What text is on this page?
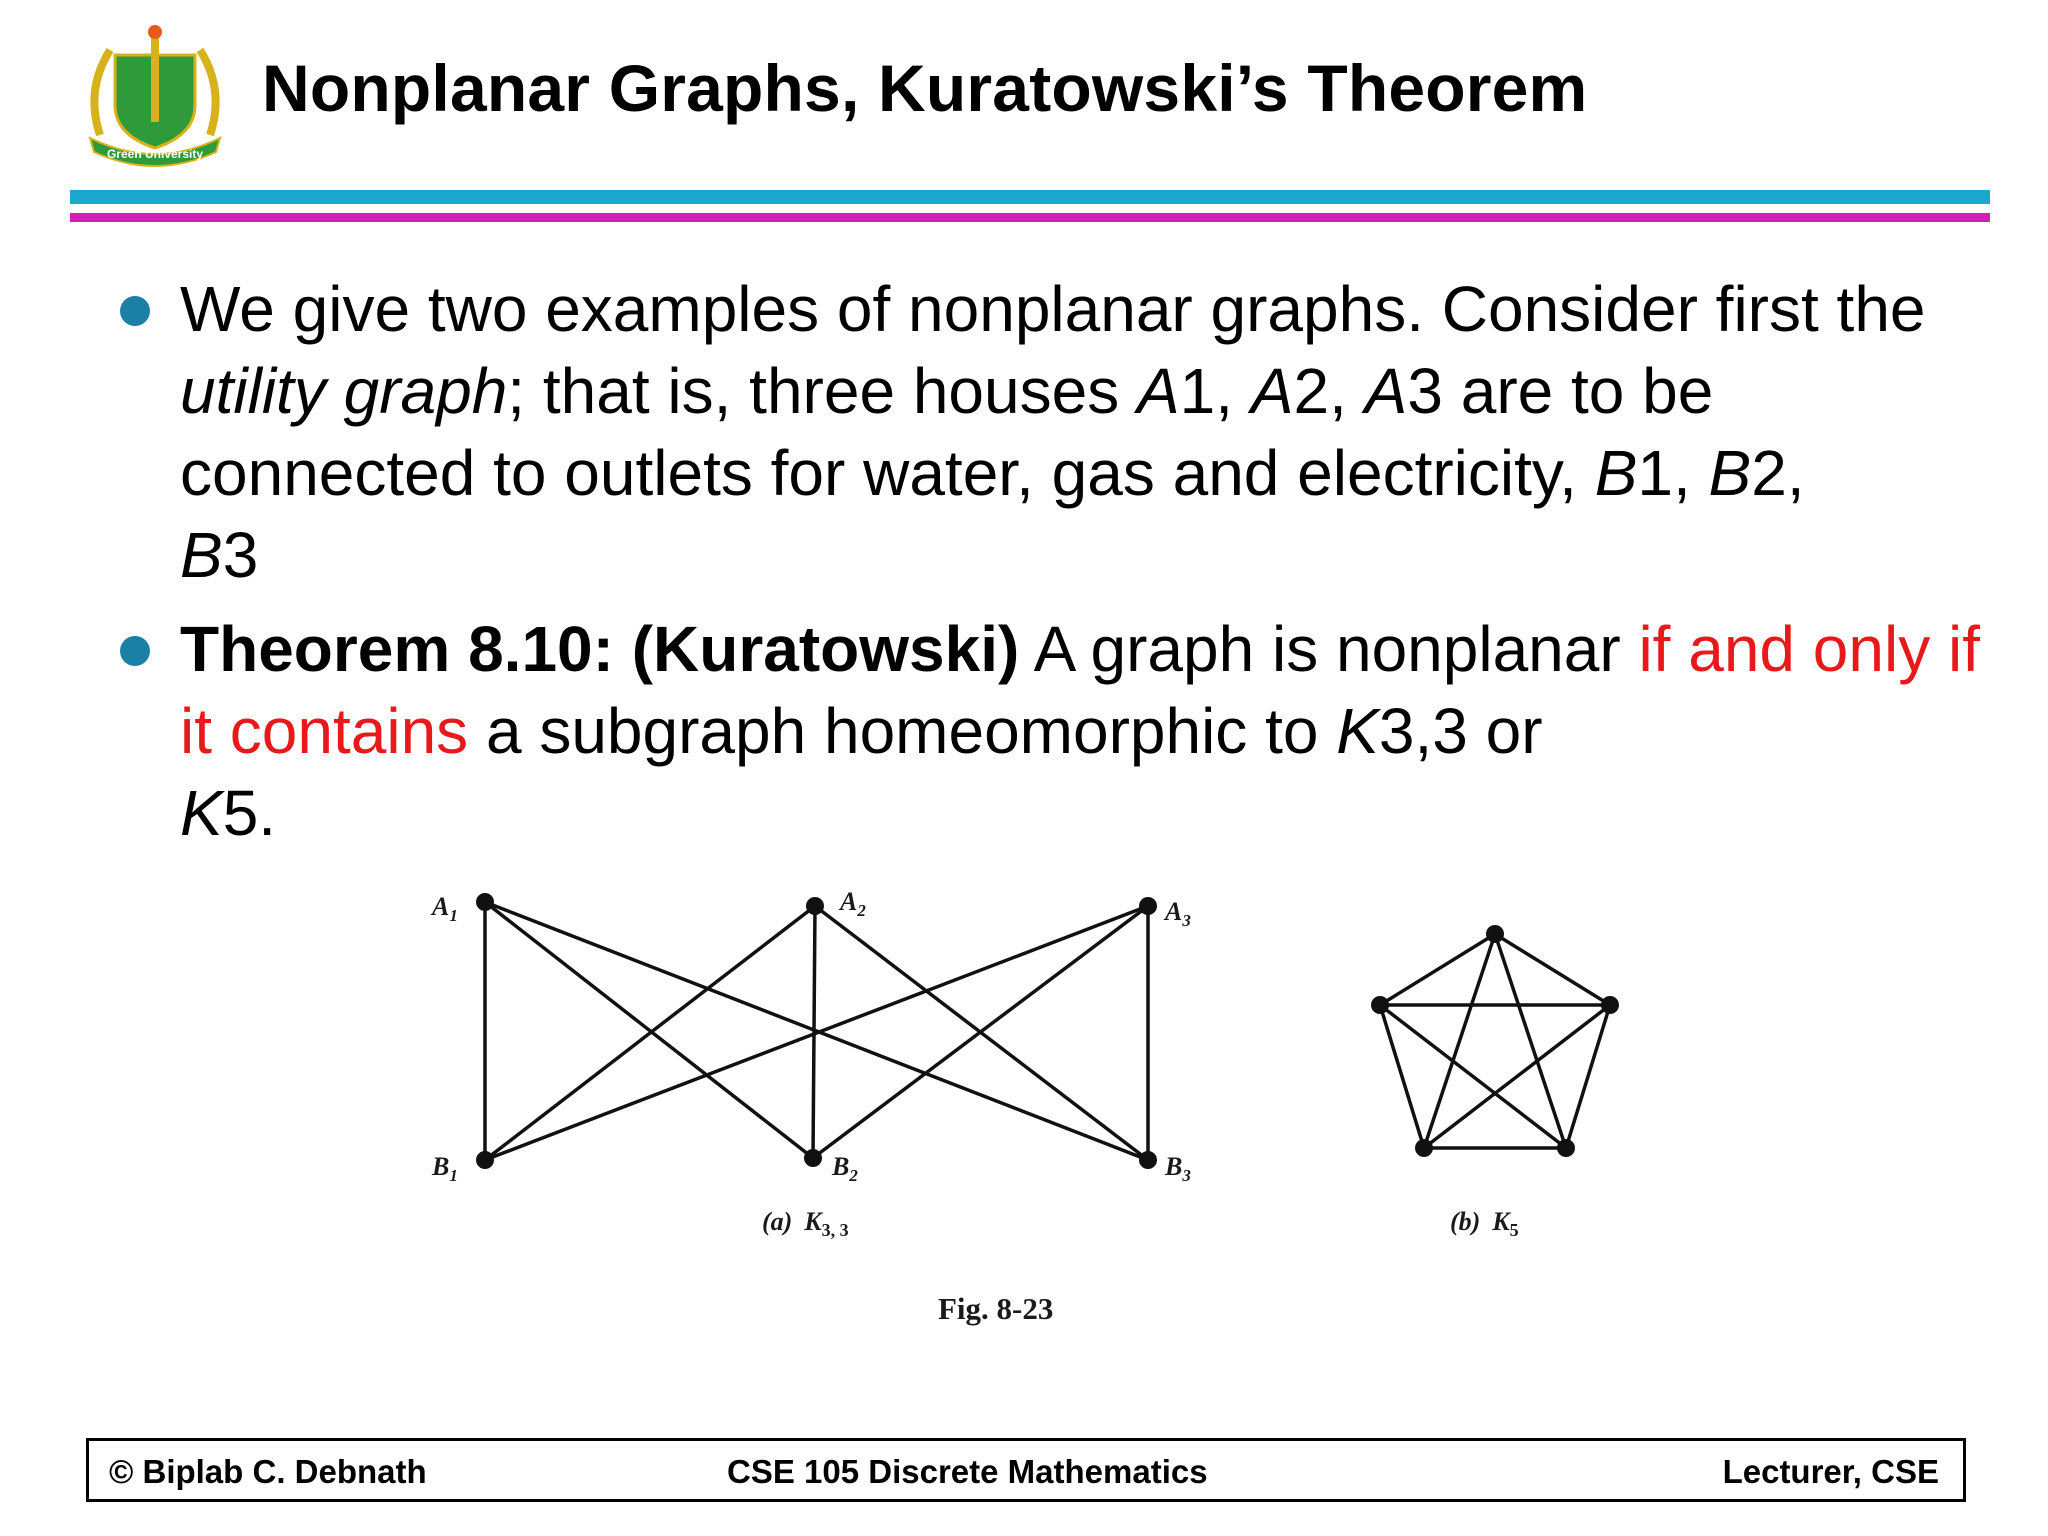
Green University
Nonplanar Graphs, Kuratowski’s Theorem
We give two examples of nonplanar graphs. Consider first the utility graph; that is, three houses A1, A2, A3 are to be connected to outlets for water, gas and electricity, B1, B2,
B3
Theorem 8.10: (Kuratowski) A graph is nonplanar if and only if it contains a subgraph homeomorphic to K3,3 or
K5.
$A_1$	$A_2$	$A_3$
$B_1$	$B_2$	$B_3$
(a) $K_{3, 3}$	(b) $K_5$
Fig. 8-23
© Biplab C. Debnath	CSE 105 Discrete Mathematics	Lecturer, CSE
